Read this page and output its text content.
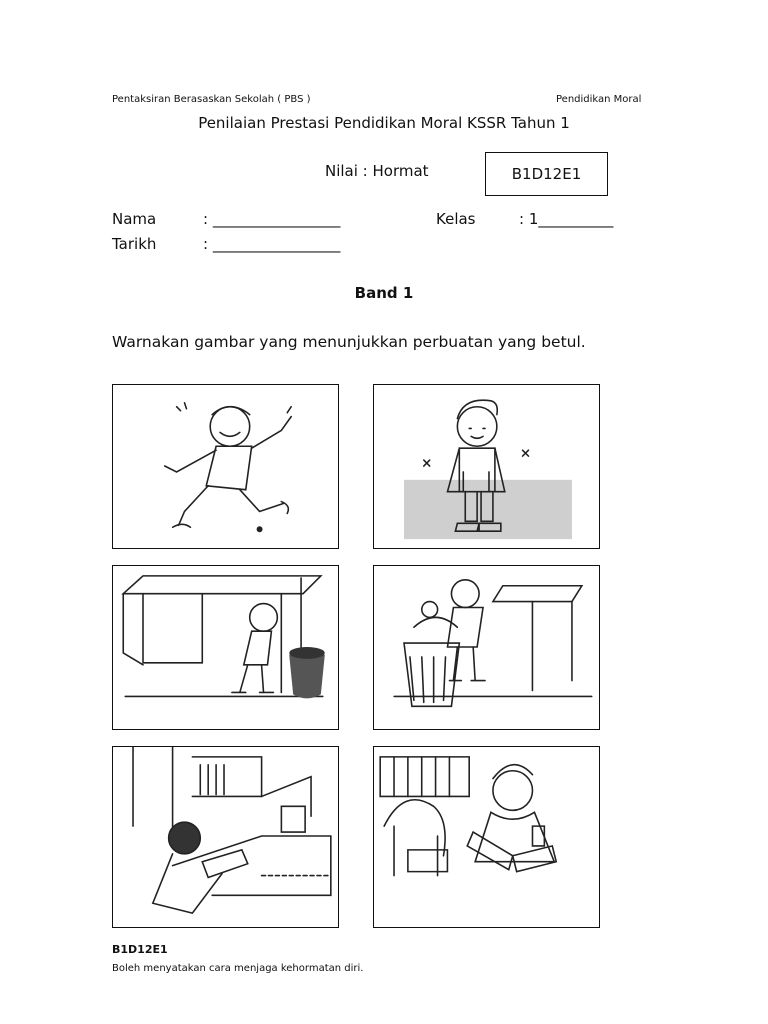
Pentaksiran Berasaskan Sekolah ( PBS )	Pendidikan Moral
Penilaian Prestasi Pendidikan Moral KSSR Tahun 1
Nilai : Hormat	B1D12E1
Nama	: _________________	Kelas	: 1__________
Tarikh	: _________________
Band 1
Warnakan gambar yang menunjukkan perbuatan yang betul.
B1D12E1
Boleh menyatakan cara menjaga kehormatan diri.
